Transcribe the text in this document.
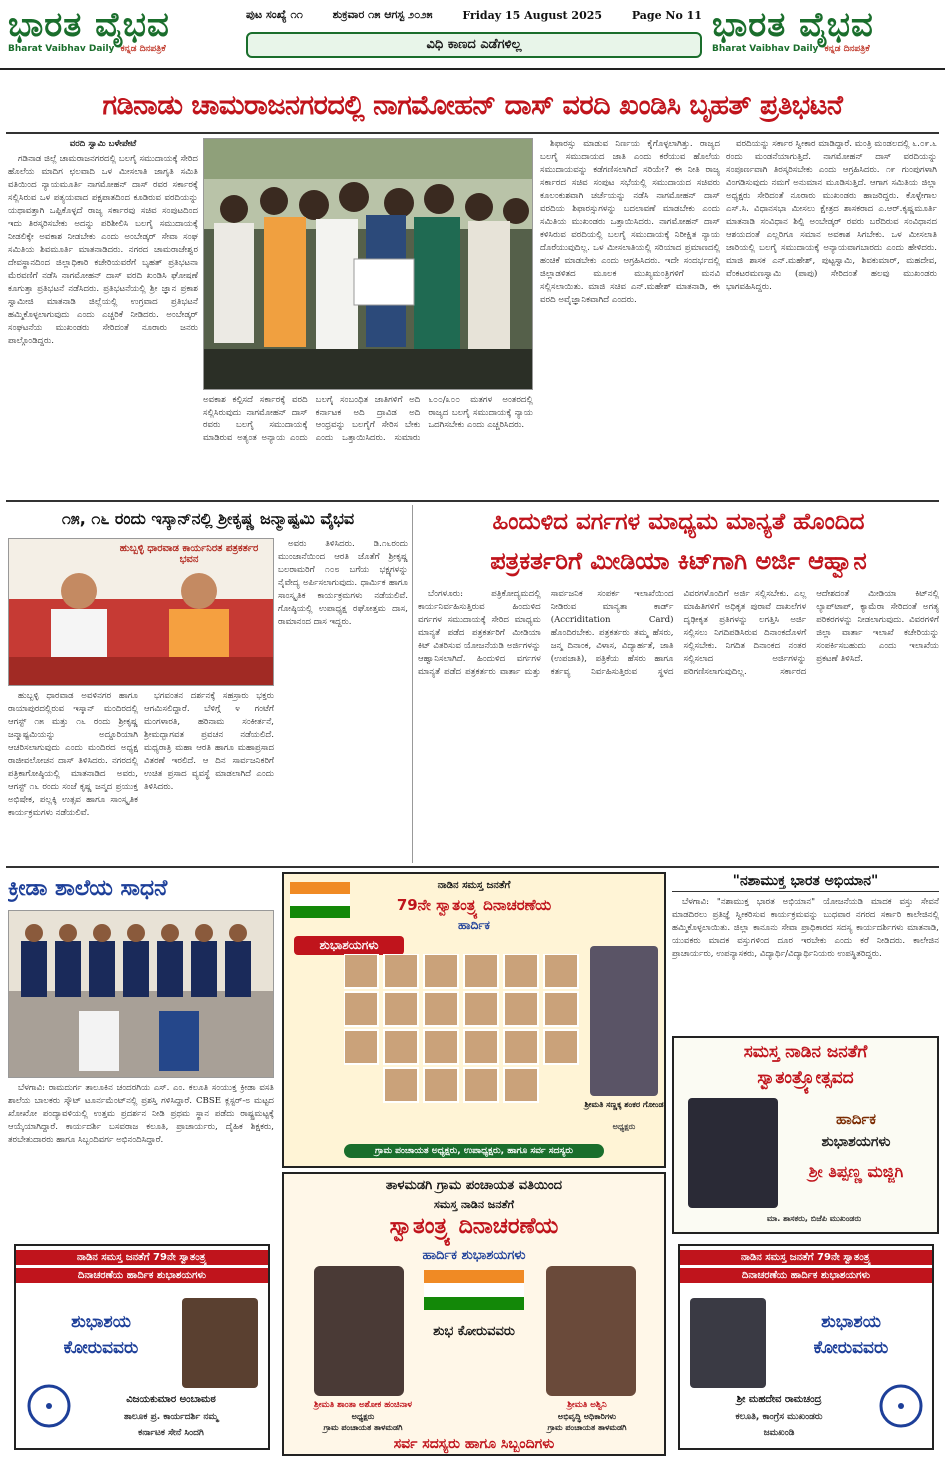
ಭಾರತ ವೈಭವ
Bharat Vaibhav Daily ಕನ್ನಡ ದಿನಪತ್ರಿಕೆ
ಪುಟ ಸಂಖ್ಯೆ ೧೧	ಶುಕ್ರವಾರ ೧೫ ಆಗಸ್ಟ ೨೦೨೫	Friday 15 August 2025	Page No 11
ವಿಧಿ ಕಾಣದ ಎಡೆಗಳಿಲ್ಲ	ಭಾರತ ವೈಭವ
Bharat Vaibhav Daily ಕನ್ನಡ ದಿನಪತ್ರಿಕೆ
ಗಡಿನಾಡು ಚಾಮರಾಜನಗರದಲ್ಲಿ ನಾಗಮೋಹನ್ ದಾಸ್ ವರದಿ ಖಂಡಿಸಿ ಬೃಹತ್ ಪ್ರತಿಭಟನೆ

ವರದಿ ಸ್ವಾಮಿ ಬಳೇಪೇಟೆ

ಗಡಿನಾಡ ಜಿಲ್ಲೆ ಚಾಮರಾಜನಗರದಲ್ಲಿ ಬಲಗೈ ಸಮುದಾಯಕ್ಕೆ ಸೇರಿದ ಹೊಲೆಯ ಮಾದಿಗ ಛಲವಾದಿ ಒಳ ಮೀಸಲಾತಿ ಜಾಗೃತಿ ಸಮಿತಿ ವತಿಯಿಂದ ನ್ಯಾಯಮೂರ್ತಿ ನಾಗಮೋಹನ್ ದಾಸ್ ರವರ ಸರ್ಕಾರಕ್ಕೆ ಸಲ್ಲಿಸಿರುವ ಒಳ ಪತ್ಯಯವಾದ ಪಕ್ಷಪಾತದಿಂದ ಕೂಡಿರುವ ವರದಿಯನ್ನು ಯಥಾವತ್ತಾಗಿ ಒಪ್ಪಿಕೊಳ್ಳದೆ ರಾಜ್ಯ ಸರ್ಕಾರವು ಸಚಿವ ಸಂಪುಟದಿಂದ ಇದು ತಿರಸ್ಕರಿಸಬೇಕು ಅದನ್ನು ಪರಿಶೀಲಿಸಿ ಬಲಗೈ ಸಮುದಾಯಕ್ಕೆ ನೀಡಲಿಕ್ಕೇ ಅವಕಾಶ ನೀಡಬೇಕು ಎಂದು ಅಂಬೇಡ್ಕರ್ ಸೇವಾ ಸಂಘ ಸಮಿತಿಯ ಶಿವಮೂರ್ತಿ ಮಾತನಾಡಿದರು. ನಗರದ ಚಾಮರಾಜೇಶ್ವರ ದೇವಸ್ಥಾನದಿಂದ ಜಿಲ್ಲಾಧಿಕಾರಿ ಕಚೇರಿಯವರೆಗೆ ಬೃಹತ್ ಪ್ರತಿಭಟನಾ ಮೆರವಣಿಗೆ ನಡೆಸಿ ನಾಗಮೋಹನ್ ದಾಸ್ ವರದಿ ಖಂಡಿಸಿ ಘೋಷಣೆ ಕೂಗುತ್ತಾ ಪ್ರತಿಭಟನೆ ನಡೆಸಿದರು. ಪ್ರತಿಭಟನೆಯಲ್ಲಿ ಶ್ರೀ ಜ್ಞಾನ ಪ್ರಕಾಶ ಸ್ವಾಮೀಜಿ ಮಾತನಾಡಿ ಜಿಲ್ಲೆಯಲ್ಲಿ ಉಗ್ರವಾದ ಪ್ರತಿಭಟನೆ ಹಮ್ಮಿಕೊಳ್ಳಲಾಗುವುದು ಎಂದು ಎಚ್ಚರಿಕೆ ನೀಡಿದರು. ಅಂಬೇಡ್ಕರ್ ಸಂಘಟನೆಯ ಮುಖಂಡರು ಸೇರಿದಂತೆ ನೂರಾರು ಜನರು ಪಾಲ್ಗೊಂಡಿದ್ದರು.

ಅವಕಾಶ ಕಲ್ಪಿಸದೆ ಸರ್ಕಾರಕ್ಕೆ ವರದಿ ಸಲ್ಲಿಸಿರುವುದು ನಾಗಮೋಹನ್ ದಾಸ್ ರವರು ಬಲಗೈ ಸಮುದಾಯಕ್ಕೆ ಮಾಡಿರುವ ಅತ್ಯಂತ ಅನ್ಯಾಯ ಎಂದು ಬಲಗೈ ಸಂಬಂಧಿತ ಜಾತಿಗಳಿಗೆ ಅದಿ ಕರ್ನಾಟಕ ಅದಿ ದ್ರಾವಿಡ ಅದಿ ಆಂಧ್ರವನ್ನು ಬಲಗೈಗೆ ಸೇರಿಸ ಬೇಕು ಎಂದು ಒತ್ತಾಯಿಸಿದರು. ಸುಮಾರು ೬೦೦/೩೦೦ ಮತಗಳ ಅಂತರದಲ್ಲಿ ರಾಜ್ಯದ ಬಲಗೈ ಸಮುದಾಯಕ್ಕೆ ನ್ಯಾಯ ಒದಗಿಸಬೇಕು ಎಂದು ಎಚ್ಚರಿಸಿದರು.

ಶಿಫಾರಸ್ಸು ಮಾಡುವ ನಿರ್ಣಯ ಕೈಗೊಳ್ಳಲಾಗಿತ್ತು. ರಾಜ್ಯದ ಬಲಗೈ ಸಮುದಾಯದ ಜಾತಿ ಎಂದು ಕರೆಯುವ ಹೊಲೆಯ ಸಮುದಾಯವನ್ನು ಕಡೆಗಣಿಸಲಾಗಿದೆ ಸರಿಯೇ? ಈ ನೀತಿ ರಾಜ್ಯ ಸರ್ಕಾರದ ಸಚಿವ ಸಂಪುಟ ಸಭೆಯಲ್ಲಿ ಸಮುದಾಯದ ಸಚಿವರು ಕೂಲಂಕುಶವಾಗಿ ಚರ್ಚೆಯನ್ನು ನಡೆಸಿ ನಾಗಮೋಹನ್ ದಾಸ್ ವರದಿಯ ಶಿಫಾರಸ್ಸುಗಳನ್ನು ಬದಲಾವಣೆ ಮಾಡಬೇಕು ಎಂದು ಸಮಿತಿಯ ಮುಖಂಡರು ಒತ್ತಾಯಿಸಿದರು. ನಾಗಮೋಹನ್ ದಾಸ್ ಕಳಿಸಿರುವ ವರದಿಯಲ್ಲಿ ಬಲಗೈ ಸಮುದಾಯಕ್ಕೆ ನಿರೀಕ್ಷಿತ ನ್ಯಾಯ ದೊರೆಯುವುದಿಲ್ಲ. ಒಳ ಮೀಸಲಾತಿಯಲ್ಲಿ ಸರಿಯಾದ ಪ್ರಮಾಣದಲ್ಲಿ ಹಂಚಿಕೆ ಮಾಡಬೇಕು ಎಂದು ಆಗ್ರಹಿಸಿದರು. ಇದೇ ಸಂದರ್ಭದಲ್ಲಿ ಜಿಲ್ಲಾಡಳಿತದ ಮೂಲಕ ಮುಖ್ಯಮಂತ್ರಿಗಳಿಗೆ ಮನವಿ ಸಲ್ಲಿಸಲಾಯಿತು. ಮಾಜಿ ಸಚಿವ ಎನ್.ಮಹೇಶ್ ಮಾತನಾಡಿ, ಈ ವರದಿ ಅವೈಜ್ಞಾನಿಕವಾಗಿದೆ ಎಂದರು.

ವರದಿಯನ್ನು ಸರ್ಕಾರ ಸ್ವೀಕಾರ ಮಾಡಿದ್ದಾರೆ. ಮಂತ್ರಿ ಮಂಡಲದಲ್ಲಿ ೬.೦೯.೬ ರಂದು ಮಂಡನೆಯಾಗುತ್ತಿದೆ. ನಾಗಮೋಹನ್ ದಾಸ್ ವರದಿಯನ್ನು ಸಂಪೂರ್ಣವಾಗಿ ತಿರಸ್ಕರಿಸಬೇಕು ಎಂದು ಆಗ್ರಹಿಸಿದರು. ೧೯ ಗುಂಪುಗಳಾಗಿ ವಿಂಗಡಿಸುವುದು ನಮಗೆ ಅನುಮಾನ ಮೂಡಿಸುತ್ತಿದೆ. ಆಗಾಗ ಸಮಿತಿಯ ಜಿಲ್ಲಾ ಅಧ್ಯಕ್ಷರು ಸೇರಿದಂತೆ ನೂರಾರು ಮುಖಂಡರು ಹಾಜರಿದ್ದರು. ಕೊಳ್ಳೇಗಾಲ ಎಸ್.ಸಿ. ವಿಧಾನಸಭಾ ಮೀಸಲು ಕ್ಷೇತ್ರದ ಶಾಸಕರಾದ ಎ.ಆರ್.ಕೃಷ್ಣಮೂರ್ತಿ ಮಾತನಾಡಿ ಸಂವಿಧಾನ ಶಿಲ್ಪಿ ಅಂಬೇಡ್ಕರ್ ರವರು ಬರೆದಿರುವ ಸಂವಿಧಾನದ ಆಶಯದಂತೆ ಎಲ್ಲರಿಗೂ ಸಮಾನ ಅವಕಾಶ ಸಿಗಬೇಕು. ಒಳ ಮೀಸಲಾತಿ ಜಾರಿಯಲ್ಲಿ ಬಲಗೈ ಸಮುದಾಯಕ್ಕೆ ಅನ್ಯಾಯವಾಗಬಾರದು ಎಂದು ಹೇಳಿದರು. ಮಾಜಿ ಶಾಸಕ ಎನ್.ಮಹೇಶ್, ಪುಟ್ಟಸ್ವಾಮಿ, ಶಿವಕುಮಾರ್, ಮಹದೇವ, ವೆಂಕಟರಮಣಸ್ವಾಮಿ (ಪಾಪು) ಸೇರಿದಂತೆ ಹಲವು ಮುಖಂಡರು ಭಾಗವಹಿಸಿದ್ದರು.

೧೫, ೧೬ ರಂದು ಇಸ್ಕಾನ್‌ನಲ್ಲಿ ಶ್ರೀಕೃಷ್ಣ ಜನ್ಮಾಷ್ಟಮಿ ವೈಭವ
ಹುಬ್ಬಳ್ಳಿ ಧಾರವಾಡ ಕಾರ್ಯನಿರತ ಪತ್ರಕರ್ತರ ಭವನ

ಅವರು ತಿಳಿಸಿದರು. ಡಿ.೧೬ರಂದು ಮುಂಜಾನೆಯಿಂದ ಆರತಿ ಜೊತೆಗೆ ಶ್ರೀಕೃಷ್ಣ ಬಲರಾಮರಿಗೆ ೧೦೮ ಬಗೆಯ ಭಕ್ಷ್ಯಗಳನ್ನು ನೈವೇದ್ಯ ಅರ್ಪಿಸಲಾಗುವುದು. ಧಾರ್ಮಿಕ ಹಾಗೂ ಸಾಂಸ್ಕೃತಿಕ ಕಾರ್ಯಕ್ರಮಗಳು ನಡೆಯಲಿವೆ. ಗೋಷ್ಠಿಯಲ್ಲಿ ಉಪಾಧ್ಯಕ್ಷ ರಘೋತ್ತಮ ದಾಸ, ರಾಮಾನಂದ ದಾಸ ಇದ್ದರು.

ಹುಬ್ಬಳ್ಳಿ ಧಾರವಾಡ ಅವಳಿನಗರ ಹಾಗೂ ರಾಯಾಪುರದಲ್ಲಿರುವ ಇಸ್ಕಾನ್ ಮಂದಿರದಲ್ಲಿ ಆಗಸ್ಟ್ ೧೫ ಮತ್ತು ೧೬ ರಂದು ಶ್ರೀಕೃಷ್ಣ ಜನ್ಮಾಷ್ಟಮಿಯನ್ನು ಅದ್ದೂರಿಯಾಗಿ ಆಚರಿಸಲಾಗುವುದು ಎಂದು ಮಂದಿರದ ಅಧ್ಯಕ್ಷ ರಾಜೀವಲೋಚನ ದಾಸ್ ತಿಳಿಸಿದರು. ನಗರದಲ್ಲಿ ಪತ್ರಿಕಾಗೋಷ್ಠಿಯಲ್ಲಿ ಮಾತನಾಡಿದ ಅವರು, ಆಗಸ್ಟ್ ೧೬ ರಂದು ಸಂಜೆ ಕೃಷ್ಣ ಜನ್ಮದ ಪ್ರಯುಕ್ತ ಅಭಿಷೇಕ, ಪಲ್ಲಕ್ಕಿ ಉತ್ಸವ ಹಾಗೂ ಸಾಂಸ್ಕೃತಿಕ ಕಾರ್ಯಕ್ರಮಗಳು ನಡೆಯಲಿವೆ.

ಭಗವಂತನ ದರ್ಶನಕ್ಕೆ ಸಹಸ್ರಾರು ಭಕ್ತರು ಆಗಮಿಸಲಿದ್ದಾರೆ. ಬೆಳಿಗ್ಗೆ ೪ ಗಂಟೆಗೆ ಮಂಗಳಾರತಿ, ಹರಿನಾಮ ಸಂಕೀರ್ತನೆ, ಶ್ರೀಮದ್ಭಾಗವತ ಪ್ರವಚನ ನಡೆಯಲಿದೆ. ಮಧ್ಯರಾತ್ರಿ ಮಹಾ ಆರತಿ ಹಾಗೂ ಮಹಾಪ್ರಸಾದ ವಿತರಣೆ ಇರಲಿದೆ. ಆ ದಿನ ಸಾರ್ವಜನಿಕರಿಗೆ ಉಚಿತ ಪ್ರಸಾದ ವ್ಯವಸ್ಥೆ ಮಾಡಲಾಗಿದೆ ಎಂದು ತಿಳಿಸಿದರು.

ಹಿಂದುಳಿದ ವರ್ಗಗಳ ಮಾಧ್ಯಮ ಮಾನ್ಯತೆ ಹೊಂದಿದ
ಪತ್ರಕರ್ತರಿಗೆ ಮೀಡಿಯಾ ಕಿಟ್‌ಗಾಗಿ ಅರ್ಜಿ ಆಹ್ವಾನ

ಬೆಂಗಳೂರು: ಪತ್ರಿಕೋದ್ಯಮದಲ್ಲಿ ಕಾರ್ಯನಿರ್ವಹಿಸುತ್ತಿರುವ ಹಿಂದುಳಿದ ವರ್ಗಗಳ ಸಮುದಾಯಕ್ಕೆ ಸೇರಿದ ಮಾಧ್ಯಮ ಮಾನ್ಯತೆ ಪಡೆದ ಪತ್ರಕರ್ತರಿಗೆ ಮೀಡಿಯಾ ಕಿಟ್ ವಿತರಿಸುವ ಯೋಜನೆಯಡಿ ಅರ್ಜಿಗಳನ್ನು ಆಹ್ವಾನಿಸಲಾಗಿದೆ. ಹಿಂದುಳಿದ ವರ್ಗಗಳ ಮಾನ್ಯತೆ ಪಡೆದ ಪತ್ರಕರ್ತರು ವಾರ್ತಾ ಮತ್ತು ಸಾರ್ವಜನಿಕ ಸಂಪರ್ಕ ಇಲಾಖೆಯಿಂದ ನೀಡಿರುವ ಮಾನ್ಯತಾ ಕಾರ್ಡ್ (Accriditation Card) ಹೊಂದಿರಬೇಕು. ಪತ್ರಕರ್ತರು ತಮ್ಮ ಹೆಸರು, ಜನ್ಮ ದಿನಾಂಕ, ವಿಳಾಸ, ವಿದ್ಯಾರ್ಹತೆ, ಜಾತಿ (ಉಪಜಾತಿ), ಪತ್ರಿಕೆಯ ಹೆಸರು ಹಾಗೂ ಕರ್ತವ್ಯ ನಿರ್ವಹಿಸುತ್ತಿರುವ ಸ್ಥಳದ ವಿವರಗಳೊಂದಿಗೆ ಅರ್ಜಿ ಸಲ್ಲಿಸಬೇಕು. ಎಲ್ಲ ಮಾಹಿತಿಗಳಿಗೆ ಅಧಿಕೃತ ಪುರಾವೆ ದಾಖಲೆಗಳ ದೃಢೀಕೃತ ಪ್ರತಿಗಳನ್ನು ಲಗತ್ತಿಸಿ ಅರ್ಜಿ ಸಲ್ಲಿಸಲು ನಿಗದಿಪಡಿಸಿರುವ ದಿನಾಂಕದೊಳಗೆ ಸಲ್ಲಿಸಬೇಕು. ನಿಗದಿತ ದಿನಾಂಕದ ನಂತರ ಸಲ್ಲಿಸಲಾದ ಅರ್ಜಿಗಳನ್ನು ಪರಿಗಣಿಸಲಾಗುವುದಿಲ್ಲ. ಸರ್ಕಾರದ ಆದೇಶದಂತೆ ಮೀಡಿಯಾ ಕಿಟ್‌ನಲ್ಲಿ ಲ್ಯಾಪ್‌ಟಾಪ್, ಕ್ಯಾಮೆರಾ ಸೇರಿದಂತೆ ಅಗತ್ಯ ಪರಿಕರಗಳನ್ನು ನೀಡಲಾಗುವುದು. ವಿವರಗಳಿಗೆ ಜಿಲ್ಲಾ ವಾರ್ತಾ ಇಲಾಖೆ ಕಚೇರಿಯನ್ನು ಸಂಪರ್ಕಿಸಬಹುದು ಎಂದು ಇಲಾಖೆಯ ಪ್ರಕಟಣೆ ತಿಳಿಸಿದೆ.

ಕ್ರೀಡಾ ಶಾಲೆಯ ಸಾಧನೆ

ಬೆಳಗಾವಿ: ರಾಮದುರ್ಗ ತಾಲೂಕಿನ ಚಂದರಗಿಯ ಎಸ್. ಎಂ. ಕಲೂತಿ ಸಂಯುಕ್ತ ಕ್ರೀಡಾ ವಸತಿ ಶಾಲೆಯ ಬಾಲಕರು ಸ್ಕೌಟ್ ಟೂರ್ನಮೆಂಟ್‌ನಲ್ಲಿ ಪ್ರಶಸ್ತಿ ಗಳಿಸಿದ್ದಾರೆ. CBSE ಕ್ಲಸ್ಟರ್-೮ ಮಟ್ಟದ ಖೋಖೋ ಪಂದ್ಯಾವಳಿಯಲ್ಲಿ ಉತ್ತಮ ಪ್ರದರ್ಶನ ನೀಡಿ ಪ್ರಥಮ ಸ್ಥಾನ ಪಡೆದು ರಾಷ್ಟ್ರಮಟ್ಟಕ್ಕೆ ಆಯ್ಕೆಯಾಗಿದ್ದಾರೆ. ಕಾರ್ಯದರ್ಶಿ ಬಸವರಾಜ ಕಲೂತಿ, ಪ್ರಾಚಾರ್ಯರು, ದೈಹಿಕ ಶಿಕ್ಷಕರು, ತರಬೇತುದಾರರು ಹಾಗೂ ಸಿಬ್ಬಂದಿವರ್ಗ ಅಭಿನಂದಿಸಿದ್ದಾರೆ.

ನಾಡಿನ ಸಮಸ್ತ ಜನತೆಗೆ
79ನೇ ಸ್ವಾತಂತ್ರ್ಯ ದಿನಾಚರಣೆಯ
ಹಾರ್ದಿಕ
ಶುಭಾಶಯಗಳು
ಶ್ರೀಮತಿ ಸಣ್ಣಕ್ಕ ಶಂಕರ ಗೋಂಡ
ಅಧ್ಯಕ್ಷರು
ಗ್ರಾಮ ಪಂಚಾಯತ ಅಧ್ಯಕ್ಷರು, ಉಪಾಧ್ಯಕ್ಷರು, ಹಾಗೂ ಸರ್ವ ಸದಸ್ಯರು
"ನಶಾಮುಕ್ತ ಭಾರತ ಅಭಿಯಾನ"

ಬೆಳಗಾವಿ: "ನಶಾಮುಕ್ತ ಭಾರತ ಅಭಿಯಾನ" ಯೋಜನೆಯಡಿ ಮಾದಕ ವಸ್ತು ಸೇವನೆ ಮಾಡದಿರಲು ಪ್ರತಿಜ್ಞೆ ಸ್ವೀಕರಿಸುವ ಕಾರ್ಯಕ್ರಮವನ್ನು ಬುಧವಾರ ನಗರದ ಸರ್ಕಾರಿ ಕಾಲೇಜಿನಲ್ಲಿ ಹಮ್ಮಿಕೊಳ್ಳಲಾಯಿತು. ಜಿಲ್ಲಾ ಕಾನೂನು ಸೇವಾ ಪ್ರಾಧಿಕಾರದ ಸದಸ್ಯ ಕಾರ್ಯದರ್ಶಿಗಳು ಮಾತನಾಡಿ, ಯುವಕರು ಮಾದಕ ವಸ್ತುಗಳಿಂದ ದೂರ ಇರಬೇಕು ಎಂದು ಕರೆ ನೀಡಿದರು. ಕಾಲೇಜಿನ ಪ್ರಾಚಾರ್ಯರು, ಉಪನ್ಯಾಸಕರು, ವಿದ್ಯಾರ್ಥಿ/ವಿದ್ಯಾರ್ಥಿನಿಯರು ಉಪಸ್ಥಿತರಿದ್ದರು.

ಸಮಸ್ತ ನಾಡಿನ ಜನತೆಗೆ
ಸ್ವಾತಂತ್ರ್ಯೋತ್ಸವದ
ಹಾರ್ದಿಕ
ಶುಭಾಶಯಗಳು
ಶ್ರೀ ತಿಪ್ಪಣ್ಣ ಮಜ್ಜಿಗಿ
ಮಾ. ಶಾಸಕರು, ಬಿಜೆಪಿ ಮುಖಂಡರು
ತಾಳಮಡಗಿ ಗ್ರಾಮ ಪಂಚಾಯತ ವತಿಯಿಂದ
ಸಮಸ್ತ ನಾಡಿನ ಜನತೆಗೆ
ಸ್ವಾತಂತ್ರ್ಯ ದಿನಾಚರಣೆಯ
ಹಾರ್ದಿಕ ಶುಭಾಶಯಗಳು
ಶುಭ ಕೋರುವವರು
ಶ್ರೀಮತಿ ಶಾಂತಾ ಅಶೋಕ ಹಂಚಿನಾಳ
ಅಧ್ಯಕ್ಷರು
ಗ್ರಾಮ ಪಂಚಾಯತ ತಾಳಮಡಗಿ
ಶ್ರೀಮತಿ ಅಶ್ವಿನಿ
ಅಭಿವೃದ್ಧಿ ಅಧಿಕಾರಿಗಳು
ಗ್ರಾಮ ಪಂಚಾಯತ ತಾಳಮಡಗಿ
ಸರ್ವ ಸದಸ್ಯರು ಹಾಗೂ ಸಿಬ್ಬಂದಿಗಳು
ನಾಡಿನ ಸಮಸ್ತ ಜನತೆಗೆ 79ನೇ ಸ್ವಾತಂತ್ರ್ಯ
ದಿನಾಚರಣೆಯ ಹಾರ್ದಿಕ ಶುಭಾಶಯಗಳು
ಶುಭಾಶಯ
ಕೋರುವವರು
ವಿಜಯಕುಮಾರ ಅಂಬಾಮಠ
ತಾಲೂಕ ಪ್ರ. ಕಾರ್ಯದರ್ಶಿ ನಮ್ಮ
ಕರ್ನಾಟಕ ಸೇನೆ ಸಿಂದಗಿ
ನಾಡಿನ ಸಮಸ್ತ ಜನತೆಗೆ 79ನೇ ಸ್ವಾತಂತ್ರ್ಯ
ದಿನಾಚರಣೆಯ ಹಾರ್ದಿಕ ಶುಭಾಶಯಗಳು
ಶುಭಾಶಯ
ಕೋರುವವರು
ಶ್ರೀ ಮಹದೇವ ರಾಮಚಂದ್ರ
ಕಲೂತಿ, ಕಾಂಗ್ರೆಸ ಮುಖಂಡರು
ಜಮಖಂಡಿ
